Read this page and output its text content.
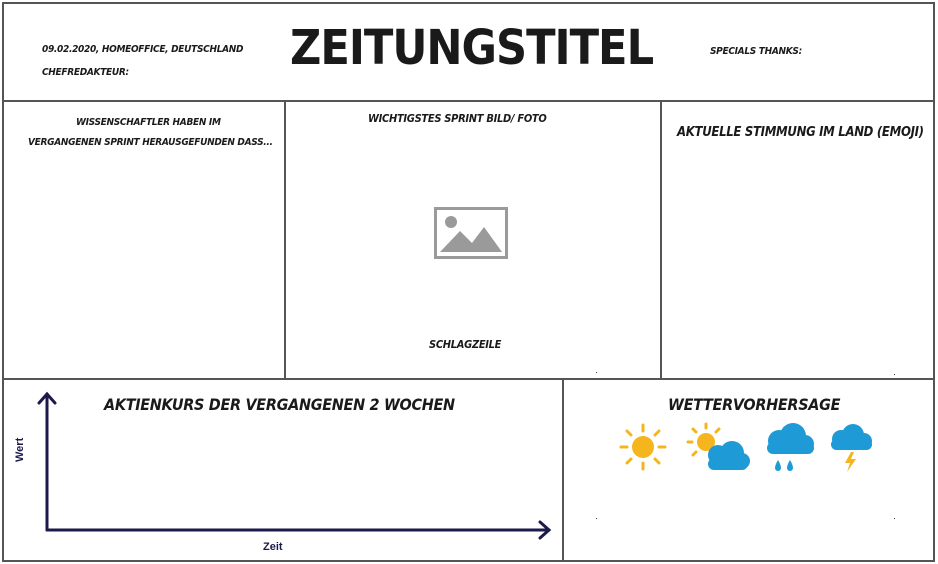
09.02.2020, HOMEOFFICE, DEUTSCHLAND
CHEFREDAKTEUR:	ZEITUNGSTITEL	SPECIALS THANKS:
WISSENSCHAFTLER HABEN IM
VERGANGENEN SPRINT HERAUSGEFUNDEN DASS...
WICHTIGSTES SPRINT BILD/ FOTO
SCHLAGZEILE
AKTUELLE STIMMUNG IM LAND (EMOJI)
AKTIENKURS DER VERGANGENEN 2 WOCHEN
Wert
Zeit
WETTERVORHERSAGE
